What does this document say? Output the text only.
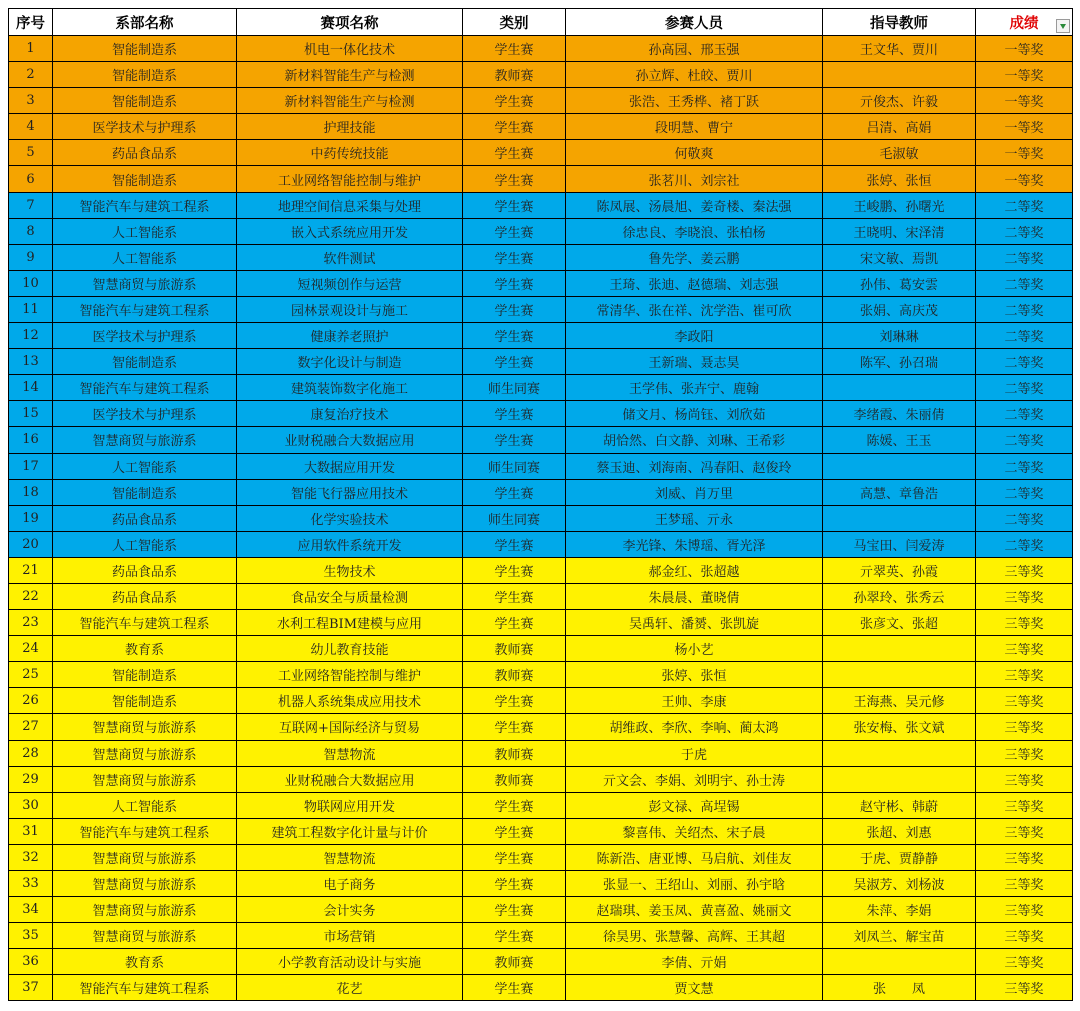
序号	系部名称	赛项名称	类别	参赛人员	指导教师	成绩

1	智能制造系	机电一体化技术	学生赛	孙高园、邢玉强	王文华、贾川	一等奖
2	智能制造系	新材料智能生产与检测	教师赛	孙立辉、杜皎、贾川		一等奖
3	智能制造系	新材料智能生产与检测	学生赛	张浩、王秀桦、褚丁跃	亓俊杰、许毅	一等奖
4	医学技术与护理系	护理技能	学生赛	段明慧、曹宁	吕清、高娟	一等奖
5	药品食品系	中药传统技能	学生赛	何敬爽	毛淑敏	一等奖
6	智能制造系	工业网络智能控制与维护	学生赛	张茗川、刘宗社	张婷、张恒	一等奖
7	智能汽车与建筑工程系	地理空间信息采集与处理	学生赛	陈凤展、汤晨旭、姜奇楼、秦法强	王峻鹏、孙曙光	二等奖
8	人工智能系	嵌入式系统应用开发	学生赛	徐忠良、李晓浪、张柏杨	王晓明、宋泽清	二等奖
9	人工智能系	软件测试	学生赛	鲁先学、姜云鹏	宋文敏、焉凯	二等奖
10	智慧商贸与旅游系	短视频创作与运营	学生赛	王琦、张迪、赵德瑞、刘志强	孙伟、葛安雲	二等奖
11	智能汽车与建筑工程系	园林景观设计与施工	学生赛	常清华、张在祥、沈学浩、崔可欣	张娟、高庆茂	二等奖
12	医学技术与护理系	健康养老照护	学生赛	李政阳	刘琳琳	二等奖
13	智能制造系	数字化设计与制造	学生赛	王新瑞、聂志昊	陈军、孙召瑞	二等奖
14	智能汽车与建筑工程系	建筑装饰数字化施工	师生同赛	王学伟、张卉宁、鹿翰		二等奖
15	医学技术与护理系	康复治疗技术	学生赛	储文月、杨尚钰、刘欣茹	李绪霞、朱丽倩	二等奖
16	智慧商贸与旅游系	业财税融合大数据应用	学生赛	胡恰然、白文静、刘琳、王希彩	陈媛、王玉	二等奖
17	人工智能系	大数据应用开发	师生同赛	蔡玉迪、刘海南、冯春阳、赵俊玲		二等奖
18	智能制造系	智能飞行器应用技术	学生赛	刘威、肖万里	高慧、章鲁浩	二等奖
19	药品食品系	化学实验技术	师生同赛	王梦瑶、亓永		二等奖
20	人工智能系	应用软件系统开发	学生赛	李光锋、朱博瑶、胥光泽	马宝田、闫爱涛	二等奖
21	药品食品系	生物技术	学生赛	郝金红、张超越	亓翠英、孙霞	三等奖
22	药品食品系	食品安全与质量检测	学生赛	朱晨晨、董晓倩	孙翠玲、张秀云	三等奖
23	智能汽车与建筑工程系	水利工程BIM建模与应用	学生赛	吴禹轩、潘赟、张凯旋	张彦文、张超	三等奖
24	教育系	幼儿教育技能	教师赛	杨小艺		三等奖
25	智能制造系	工业网络智能控制与维护	教师赛	张婷、张恒		三等奖
26	智能制造系	机器人系统集成应用技术	学生赛	王帅、李康	王海燕、吴元修	三等奖
27	智慧商贸与旅游系	互联网+国际经济与贸易	学生赛	胡维政、李欣、李响、蔺太鸿	张安梅、张文斌	三等奖
28	智慧商贸与旅游系	智慧物流	教师赛	于虎		三等奖
29	智慧商贸与旅游系	业财税融合大数据应用	教师赛	亓文会、李娟、刘明宇、孙士涛		三等奖
30	人工智能系	物联网应用开发	学生赛	彭文禄、高埕锡	赵守彬、韩蔚	三等奖
31	智能汽车与建筑工程系	建筑工程数字化计量与计价	学生赛	黎喜伟、关绍杰、宋子晨	张超、刘惠	三等奖
32	智慧商贸与旅游系	智慧物流	学生赛	陈新浩、唐亚博、马启航、刘佳友	于虎、贾静静	三等奖
33	智慧商贸与旅游系	电子商务	学生赛	张显一、王绍山、刘丽、孙宇晗	吴淑芳、刘杨波	三等奖
34	智慧商贸与旅游系	会计实务	学生赛	赵瑞琪、姜玉凤、黄喜盈、姚丽文	朱萍、李娟	三等奖
35	智慧商贸与旅游系	市场营销	学生赛	徐昊男、张慧馨、高辉、王其超	刘凤兰、解宝苗	三等奖
36	教育系	小学教育活动设计与实施	教师赛	李倩、亓娟		三等奖
37	智能汽车与建筑工程系	花艺	学生赛	贾文慧	张　　凤	三等奖
